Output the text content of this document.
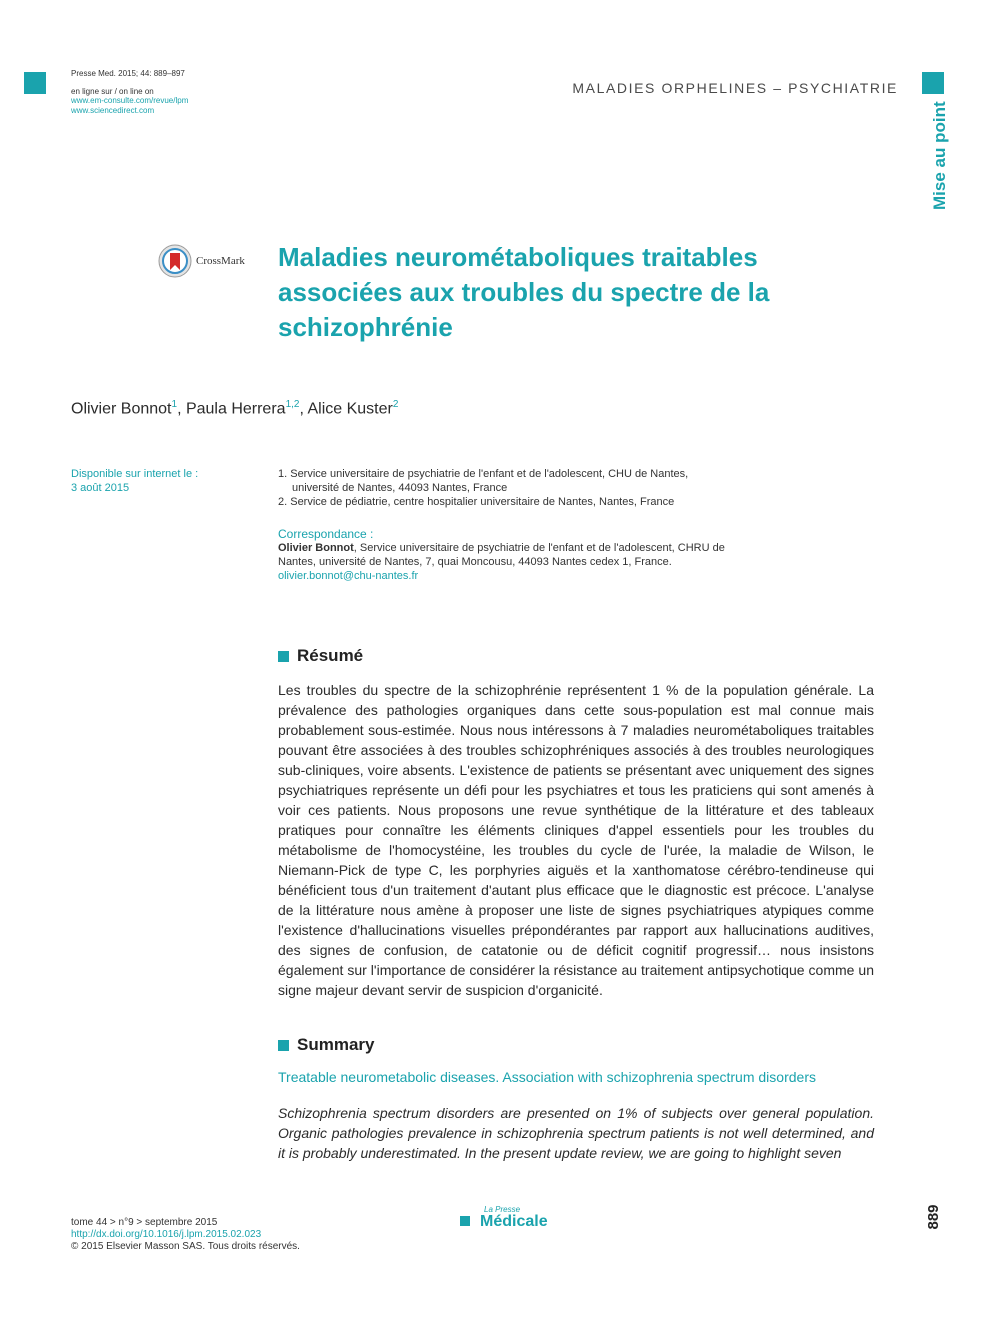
Presse Med. 2015; 44: 889–897
en ligne sur / on line on
www.em-consulte.com/revue/lpm
www.sciencedirect.com
MALADIES ORPHELINES – PSYCHIATRIE
Mise au point
CrossMark Maladies neurométaboliques traitables associées aux troubles du spectre de la schizophrénie
Olivier Bonnot$^1$, Paula Herrera$^{1,2}$, Alice Kuster$^2$
Disponible sur internet le :
3 août 2015
1. Service universitaire de psychiatrie de l'enfant et de l'adolescent, CHU de Nantes, université de Nantes, 44093 Nantes, France
2. Service de pédiatrie, centre hospitalier universitaire de Nantes, Nantes, France
Correspondance :
Olivier Bonnot, Service universitaire de psychiatrie de l'enfant et de l'adolescent, CHRU de Nantes, université de Nantes, 7, quai Moncousu, 44093 Nantes cedex 1, France.
olivier.bonnot@chu-nantes.fr
Résumé

Les troubles du spectre de la schizophrénie représentent 1 % de la population générale. La prévalence des pathologies organiques dans cette sous-population est mal connue mais probablement sous-estimée. Nous nous intéressons à 7 maladies neurométaboliques traitables pouvant être associées à des troubles schizophréniques associés à des troubles neurologiques sub-cliniques, voire absents. L'existence de patients se présentant avec uniquement des signes psychiatriques représente un défi pour les psychiatres et tous les praticiens qui sont amenés à voir ces patients. Nous proposons une revue synthétique de la littérature et des tableaux pratiques pour connaître les éléments cliniques d'appel essentiels pour les troubles du métabolisme de l'homocystéine, les troubles du cycle de l'urée, la maladie de Wilson, le Niemann-Pick de type C, les porphyries aiguës et la xanthomatose cérébro-tendineuse qui bénéficient tous d'un traitement d'autant plus efficace que le diagnostic est précoce. L'analyse de la littérature nous amène à proposer une liste de signes psychiatriques atypiques comme l'existence d'hallucinations visuelles prépondérantes par rapport aux hallucinations auditives, des signes de confusion, de catatonie ou de déficit cognitif progressif… nous insistons également sur l'importance de considérer la résistance au traitement antipsychotique comme un signe majeur devant servir de suspicion d'organicité.

Summary
Treatable neurometabolic diseases. Association with schizophrenia spectrum disorders

Schizophrenia spectrum disorders are presented on 1% of subjects over general population. Organic pathologies prevalence in schizophrenia spectrum patients is not well determined, and it is probably underestimated. In the present update review, we are going to highlight seven

tome 44 > n°9 > septembre 2015
http://dx.doi.org/10.1016/j.lpm.2015.02.023
© 2015 Elsevier Masson SAS. Tous droits réservés.
La Presse
Médicale	889
